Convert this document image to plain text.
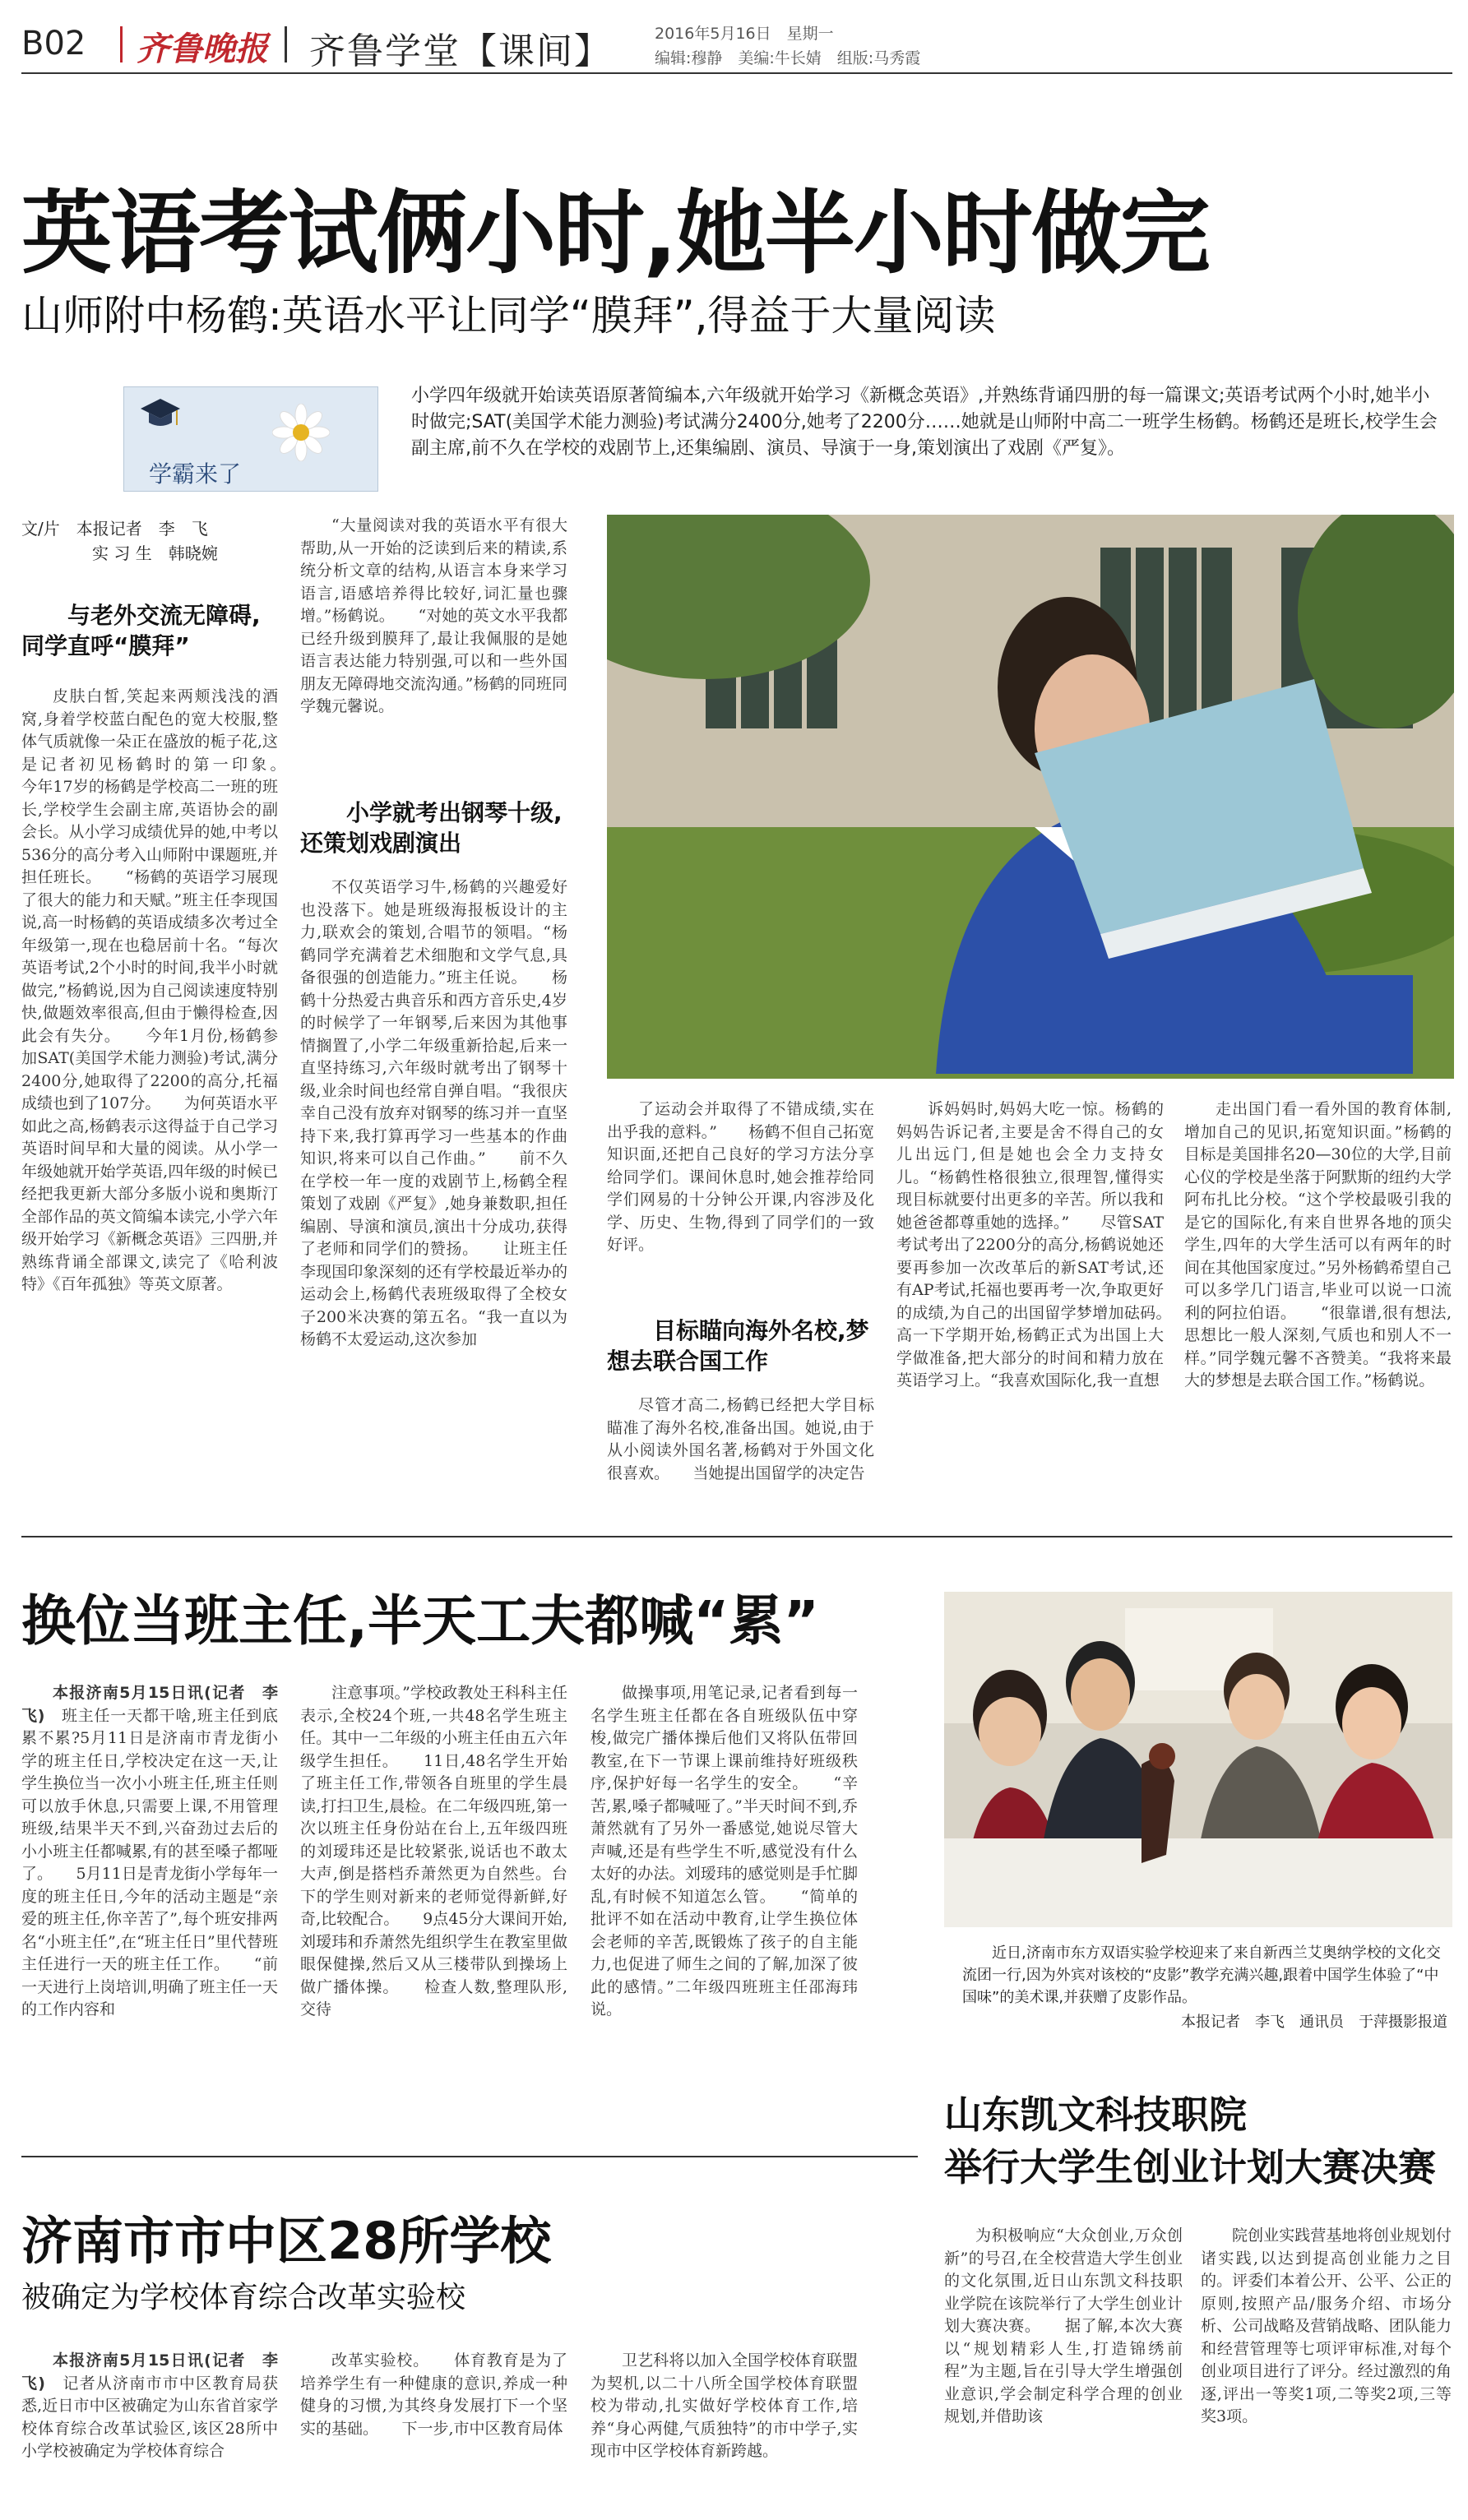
B02 齐鲁晚报 齐鲁学堂【课间】	2016年5月16日　星期一
编辑:穆静　美编:牛长婧　组版:马秀霞
英语考试俩小时,她半小时做完
山师附中杨鹤:英语水平让同学“膜拜”,得益于大量阅读
学霸来了
小学四年级就开始读英语原著简编本,六年级就开始学习《新概念英语》,并熟练背诵四册的每一篇课文;英语考试两个小时,她半小时做完;SAT(美国学术能力测验)考试满分2400分,她考了2200分……她就是山师附中高二一班学生杨鹤。杨鹤还是班长,校学生会副主席,前不久在学校的戏剧节上,还集编剧、演员、导演于一身,策划演出了戏剧《严复》。
文/片　本报记者　李　飞
实 习 生　韩晓婉
与老外交流无障碍,同学直呼“膜拜”

皮肤白皙,笑起来两颊浅浅的酒窝,身着学校蓝白配色的宽大校服,整体气质就像一朵正在盛放的栀子花,这是记者初见杨鹤时的第一印象。　　今年17岁的杨鹤是学校高二一班的班长,学校学生会副主席,英语协会的副会长。从小学习成绩优异的她,中考以536分的高分考入山师附中课题班,并担任班长。　　“杨鹤的英语学习展现了很大的能力和天赋。”班主任李现国说,高一时杨鹤的英语成绩多次考过全年级第一,现在也稳居前十名。“每次英语考试,2个小时的时间,我半小时就做完,”杨鹤说,因为自己阅读速度特别快,做题效率很高,但由于懒得检查,因此会有失分。　　今年1月份,杨鹤参加SAT(美国学术能力测验)考试,满分2400分,她取得了2200的高分,托福成绩也到了107分。　　为何英语水平如此之高,杨鹤表示这得益于自己学习英语时间早和大量的阅读。从小学一年级她就开始学英语,四年级的时候已经把我更新大部分多版小说和奥斯汀全部作品的英文简编本读完,小学六年级开始学习《新概念英语》三四册,并熟练背诵全部课文,读完了《哈利波特》《百年孤独》等英文原著。

“大量阅读对我的英语水平有很大帮助,从一开始的泛读到后来的精读,系统分析文章的结构,从语言本身来学习语言,语感培养得比较好,词汇量也骤增。”杨鹤说。　　“对她的英文水平我都已经升级到膜拜了,最让我佩服的是她语言表达能力特别强,可以和一些外国朋友无障碍地交流沟通。”杨鹤的同班同学魏元馨说。

小学就考出钢琴十级,还策划戏剧演出

不仅英语学习牛,杨鹤的兴趣爱好也没落下。她是班级海报板设计的主力,联欢会的策划,合唱节的领唱。“杨鹤同学充满着艺术细胞和文学气息,具备很强的创造能力。”班主任说。　　杨鹤十分热爱古典音乐和西方音乐史,4岁的时候学了一年钢琴,后来因为其他事情搁置了,小学二年级重新拾起,后来一直坚持练习,六年级时就考出了钢琴十级,业余时间也经常自弹自唱。“我很庆幸自己没有放弃对钢琴的练习并一直坚持下来,我打算再学习一些基本的作曲知识,将来可以自己作曲。”　　前不久在学校一年一度的戏剧节上,杨鹤全程策划了戏剧《严复》,她身兼数职,担任编剧、导演和演员,演出十分成功,获得了老师和同学们的赞扬。　　让班主任李现国印象深刻的还有学校最近举办的运动会上,杨鹤代表班级取得了全校女子200米决赛的第五名。“我一直以为杨鹤不太爱运动,这次参加

了运动会并取得了不错成绩,实在出乎我的意料。”　　杨鹤不但自己拓宽知识面,还把自己良好的学习方法分享给同学们。课间休息时,她会推荐给同学们网易的十分钟公开课,内容涉及化学、历史、生物,得到了同学们的一致好评。

目标瞄向海外名校,梦想去联合国工作

尽管才高二,杨鹤已经把大学目标瞄准了海外名校,准备出国。她说,由于从小阅读外国名著,杨鹤对于外国文化很喜欢。　　当她提出国留学的决定告

诉妈妈时,妈妈大吃一惊。杨鹤的妈妈告诉记者,主要是舍不得自己的女儿出远门,但是她也会全力支持女儿。“杨鹤性格很独立,很理智,懂得实现目标就要付出更多的辛苦。所以我和她爸爸都尊重她的选择。”　　尽管SAT考试考出了2200分的高分,杨鹤说她还要再参加一次改革后的新SAT考试,还有AP考试,托福也要再考一次,争取更好的成绩,为自己的出国留学梦增加砝码。　　高一下学期开始,杨鹤正式为出国上大学做准备,把大部分的时间和精力放在英语学习上。“我喜欢国际化,我一直想

走出国门看一看外国的教育体制,增加自己的见识,拓宽知识面。”杨鹤的目标是美国排名20—30位的大学,目前心仪的学校是坐落于阿默斯的纽约大学阿布扎比分校。“这个学校最吸引我的是它的国际化,有来自世界各地的顶尖学生,四年的大学生活可以有两年的时间在其他国家度过。”另外杨鹤希望自己可以多学几门语言,毕业可以说一口流利的阿拉伯语。　　“很靠谱,很有想法,思想比一般人深刻,气质也和别人不一样。”同学魏元馨不吝赞美。“我将来最大的梦想是去联合国工作。”杨鹤说。

换位当班主任,半天工夫都喊“累”

本报济南5月15日讯(记者　李飞)　 班主任一天都干啥,班主任到底累不累?5月11日是济南市青龙街小学的班主任日,学校决定在这一天,让学生换位当一次小小班主任,班主任则可以放手休息,只需要上课,不用管理班级,结果半天不到,兴奋劲过去后的小小班主任都喊累,有的甚至嗓子都哑了。　　5月11日是青龙街小学每年一度的班主任日,今年的活动主题是“亲爱的班主任,你辛苦了”,每个班安排两名“小班主任”,在“班主任日”里代替班主任进行一天的班主任工作。　　“前一天进行上岗培训,明确了班主任一天的工作内容和

注意事项。”学校政教处王科科主任表示,全校24个班,一共48名学生班主任。其中一二年级的小班主任由五六年级学生担任。　　11日,48名学生开始了班主任工作,带领各自班里的学生晨读,打扫卫生,晨检。在二年级四班,第一次以班主任身份站在台上,五年级四班的刘瑷玮还是比较紧张,说话也不敢太大声,倒是搭档乔萧然更为自然些。台下的学生则对新来的老师觉得新鲜,好奇,比较配合。　　9点45分大课间开始,刘瑷玮和乔萧然先组织学生在教室里做眼保健操,然后又从三楼带队到操场上做广播体操。　　检查人数,整理队形,交待

做操事项,用笔记录,记者看到每一名学生班主任都在各自班级队伍中穿梭,做完广播体操后他们又将队伍带回教室,在下一节课上课前维持好班级秩序,保护好每一名学生的安全。　　“辛苦,累,嗓子都喊哑了。”半天时间不到,乔萧然就有了另外一番感觉,她说尽管大声喊,还是有些学生不听,感觉没有什么太好的办法。刘瑷玮的感觉则是手忙脚乱,有时候不知道怎么管。　　“简单的批评不如在活动中教育,让学生换位体会老师的辛苦,既锻炼了孩子的自主能力,也促进了师生之间的了解,加深了彼此的感情。”二年级四班班主任邵海玮说。

近日,济南市东方双语实验学校迎来了来自新西兰艾奥纳学校的文化交流团一行,因为外宾对该校的“皮影”教学充满兴趣,跟着中国学生体验了“中国味”的美术课,并获赠了皮影作品。
本报记者　李飞　通讯员　于萍摄影报道
济南市市中区28所学校
被确定为学校体育综合改革实验校

本报济南5月15日讯(记者　李飞)　 记者从济南市市中区教育局获悉,近日市中区被确定为山东省首家学校体育综合改革试验区,该区28所中小学校被确定为学校体育综合

改革实验校。　　体育教育是为了培养学生有一种健康的意识,养成一种健身的习惯,为其终身发展打下一个坚实的基础。　　下一步,市中区教育局体

卫艺科将以加入全国学校体育联盟为契机,以二十八所全国学校体育联盟校为带动,扎实做好学校体育工作,培养“身心两健,气质独特”的市中学子,实现市中区学校体育新跨越。

山东凯文科技职院
举行大学生创业计划大赛决赛

为积极响应“大众创业,万众创新”的号召,在全校营造大学生创业的文化氛围,近日山东凯文科技职业学院在该院举行了大学生创业计划大赛决赛。　　据了解,本次大赛以“规划精彩人生,打造锦绣前程”为主题,旨在引导大学生增强创业意识,学会制定科学合理的创业规划,并借助该

院创业实践营基地将创业规划付诸实践,以达到提高创业能力之目的。评委们本着公开、公平、公正的原则,按照产品/服务介绍、市场分析、公司战略及营销战略、团队能力和经营管理等七项评审标准,对每个创业项目进行了评分。经过激烈的角逐,评出一等奖1项,二等奖2项,三等奖3项。
